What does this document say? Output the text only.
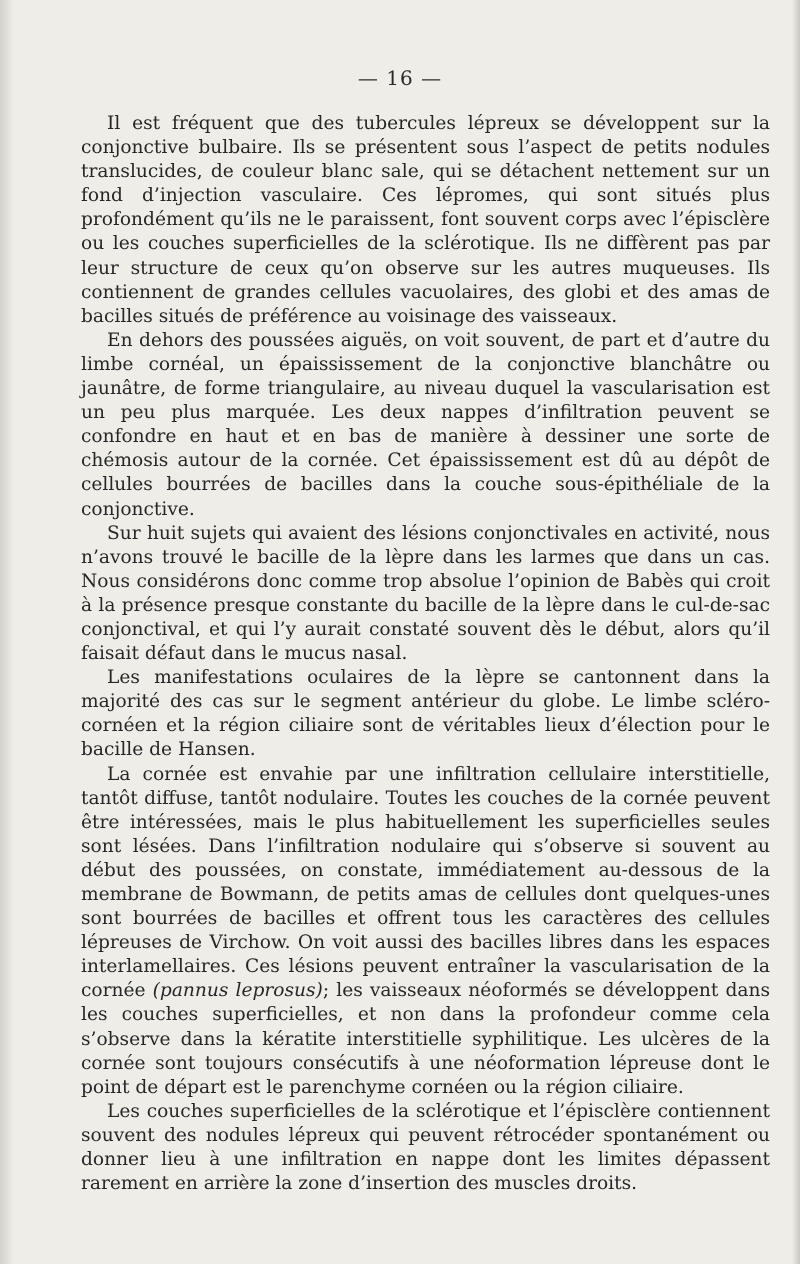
— 16 —

Il est fréquent que des tubercules lépreux se développent sur la conjonctive bulbaire. Ils se présentent sous l’aspect de petits nodules translucides, de couleur blanc sale, qui se détachent nettement sur un fond d’injection vasculaire. Ces lépromes, qui sont situés plus profondément qu’ils ne le paraissent, font souvent corps avec l’épisclère ou les couches superficielles de la sclérotique. Ils ne diffèrent pas par leur structure de ceux qu’on observe sur les autres muqueuses. Ils contiennent de grandes cellules vacuolaires, des globi et des amas de bacilles situés de préférence au voisinage des vaisseaux.

En dehors des poussées aiguës, on voit souvent, de part et d’autre du limbe cornéal, un épaississement de la conjonctive blanchâtre ou jaunâtre, de forme triangulaire, au niveau duquel la vascularisation est un peu plus marquée. Les deux nappes d’infiltration peuvent se confondre en haut et en bas de manière à dessiner une sorte de chémosis autour de la cornée. Cet épaississement est dû au dépôt de cellules bourrées de bacilles dans la couche sous-épithéliale de la conjonctive.

Sur huit sujets qui avaient des lésions conjonctivales en activité, nous n’avons trouvé le bacille de la lèpre dans les larmes que dans un cas. Nous considérons donc comme trop absolue l’opinion de Babès qui croit à la présence presque constante du bacille de la lèpre dans le cul-de-sac conjonctival, et qui l’y aurait constaté souvent dès le début, alors qu’il faisait défaut dans le mucus nasal.

Les manifestations oculaires de la lèpre se cantonnent dans la majorité des cas sur le segment antérieur du globe. Le limbe scléro-cornéen et la région ciliaire sont de véritables lieux d’élection pour le bacille de Hansen.

La cornée est envahie par une infiltration cellulaire interstitielle, tantôt diffuse, tantôt nodulaire. Toutes les couches de la cornée peuvent être intéressées, mais le plus habituellement les superficielles seules sont lésées. Dans l’infiltration nodulaire qui s’observe si souvent au début des poussées, on constate, immédiatement au-dessous de la membrane de Bowmann, de petits amas de cellules dont quelques-unes sont bourrées de bacilles et offrent tous les caractères des cellules lépreuses de Virchow. On voit aussi des bacilles libres dans les espaces interlamellaires. Ces lésions peuvent entraîner la vascularisation de la cornée (pannus leprosus); les vaisseaux néoformés se développent dans les couches superficielles, et non dans la profondeur comme cela s’observe dans la kératite interstitielle syphilitique. Les ulcères de la cornée sont toujours consécutifs à une néoformation lépreuse dont le point de départ est le parenchyme cornéen ou la région ciliaire.

Les couches superficielles de la sclérotique et l’épisclère contiennent souvent des nodules lépreux qui peuvent rétrocéder spontanément ou donner lieu à une infiltration en nappe dont les limites dépassent rarement en arrière la zone d’insertion des muscles droits.
